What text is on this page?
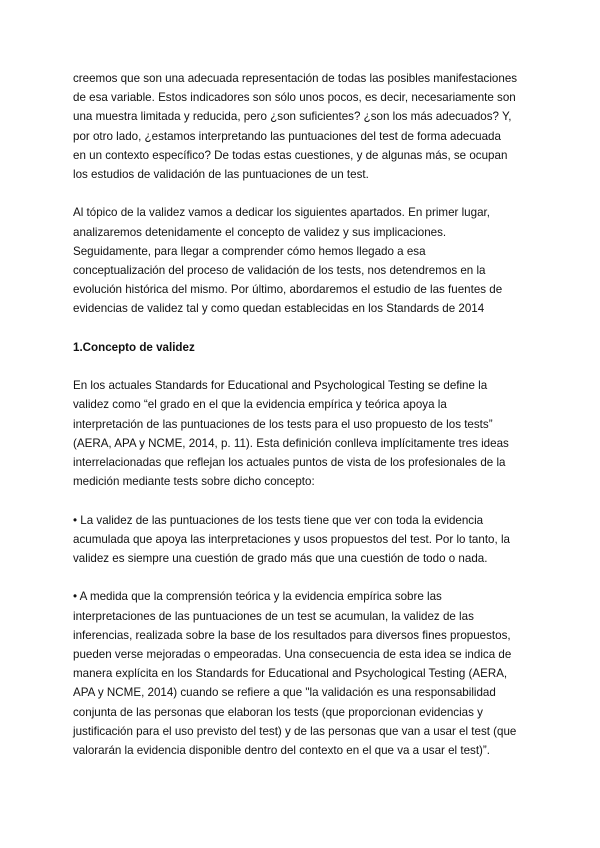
creemos que son una adecuada representación de todas las posibles manifestaciones
de esa variable. Estos indicadores son sólo unos pocos, es decir, necesariamente son
una muestra limitada y reducida, pero ¿son suficientes? ¿son los más adecuados? Y,
por otro lado, ¿estamos interpretando las puntuaciones del test de forma adecuada
en un contexto específico? De todas estas cuestiones, y de algunas más, se ocupan
los estudios de validación de las puntuaciones de un test.

Al tópico de la validez vamos a dedicar los siguientes apartados. En primer lugar,
analizaremos detenidamente el concepto de validez y sus implicaciones.
Seguidamente, para llegar a comprender cómo hemos llegado a esa
conceptualización del proceso de validación de los tests, nos detendremos en la
evolución histórica del mismo. Por último, abordaremos el estudio de las fuentes de
evidencias de validez tal y como quedan establecidas en los Standards de 2014

1.Concepto de validez

En los actuales Standards for Educational and Psychological Testing se define la
validez como “el grado en el que la evidencia empírica y teórica apoya la
interpretación de las puntuaciones de los tests para el uso propuesto de los tests”
(AERA, APA y NCME, 2014, p. 11). Esta definición conlleva implícitamente tres ideas
interrelacionadas que reflejan los actuales puntos de vista de los profesionales de la
medición mediante tests sobre dicho concepto:

• La validez de las puntuaciones de los tests tiene que ver con toda la evidencia
acumulada que apoya las interpretaciones y usos propuestos del test. Por lo tanto, la
validez es siempre una cuestión de grado más que una cuestión de todo o nada.

• A medida que la comprensión teórica y la evidencia empírica sobre las
interpretaciones de las puntuaciones de un test se acumulan, la validez de las
inferencias, realizada sobre la base de los resultados para diversos fines propuestos,
pueden verse mejoradas o empeoradas. Una consecuencia de esta idea se indica de
manera explícita en los Standards for Educational and Psychological Testing (AERA,
APA y NCME, 2014) cuando se refiere a que "la validación es una responsabilidad
conjunta de las personas que elaboran los tests (que proporcionan evidencias y
justificación para el uso previsto del test) y de las personas que van a usar el test (que
valorarán la evidencia disponible dentro del contexto en el que va a usar el test)”.
